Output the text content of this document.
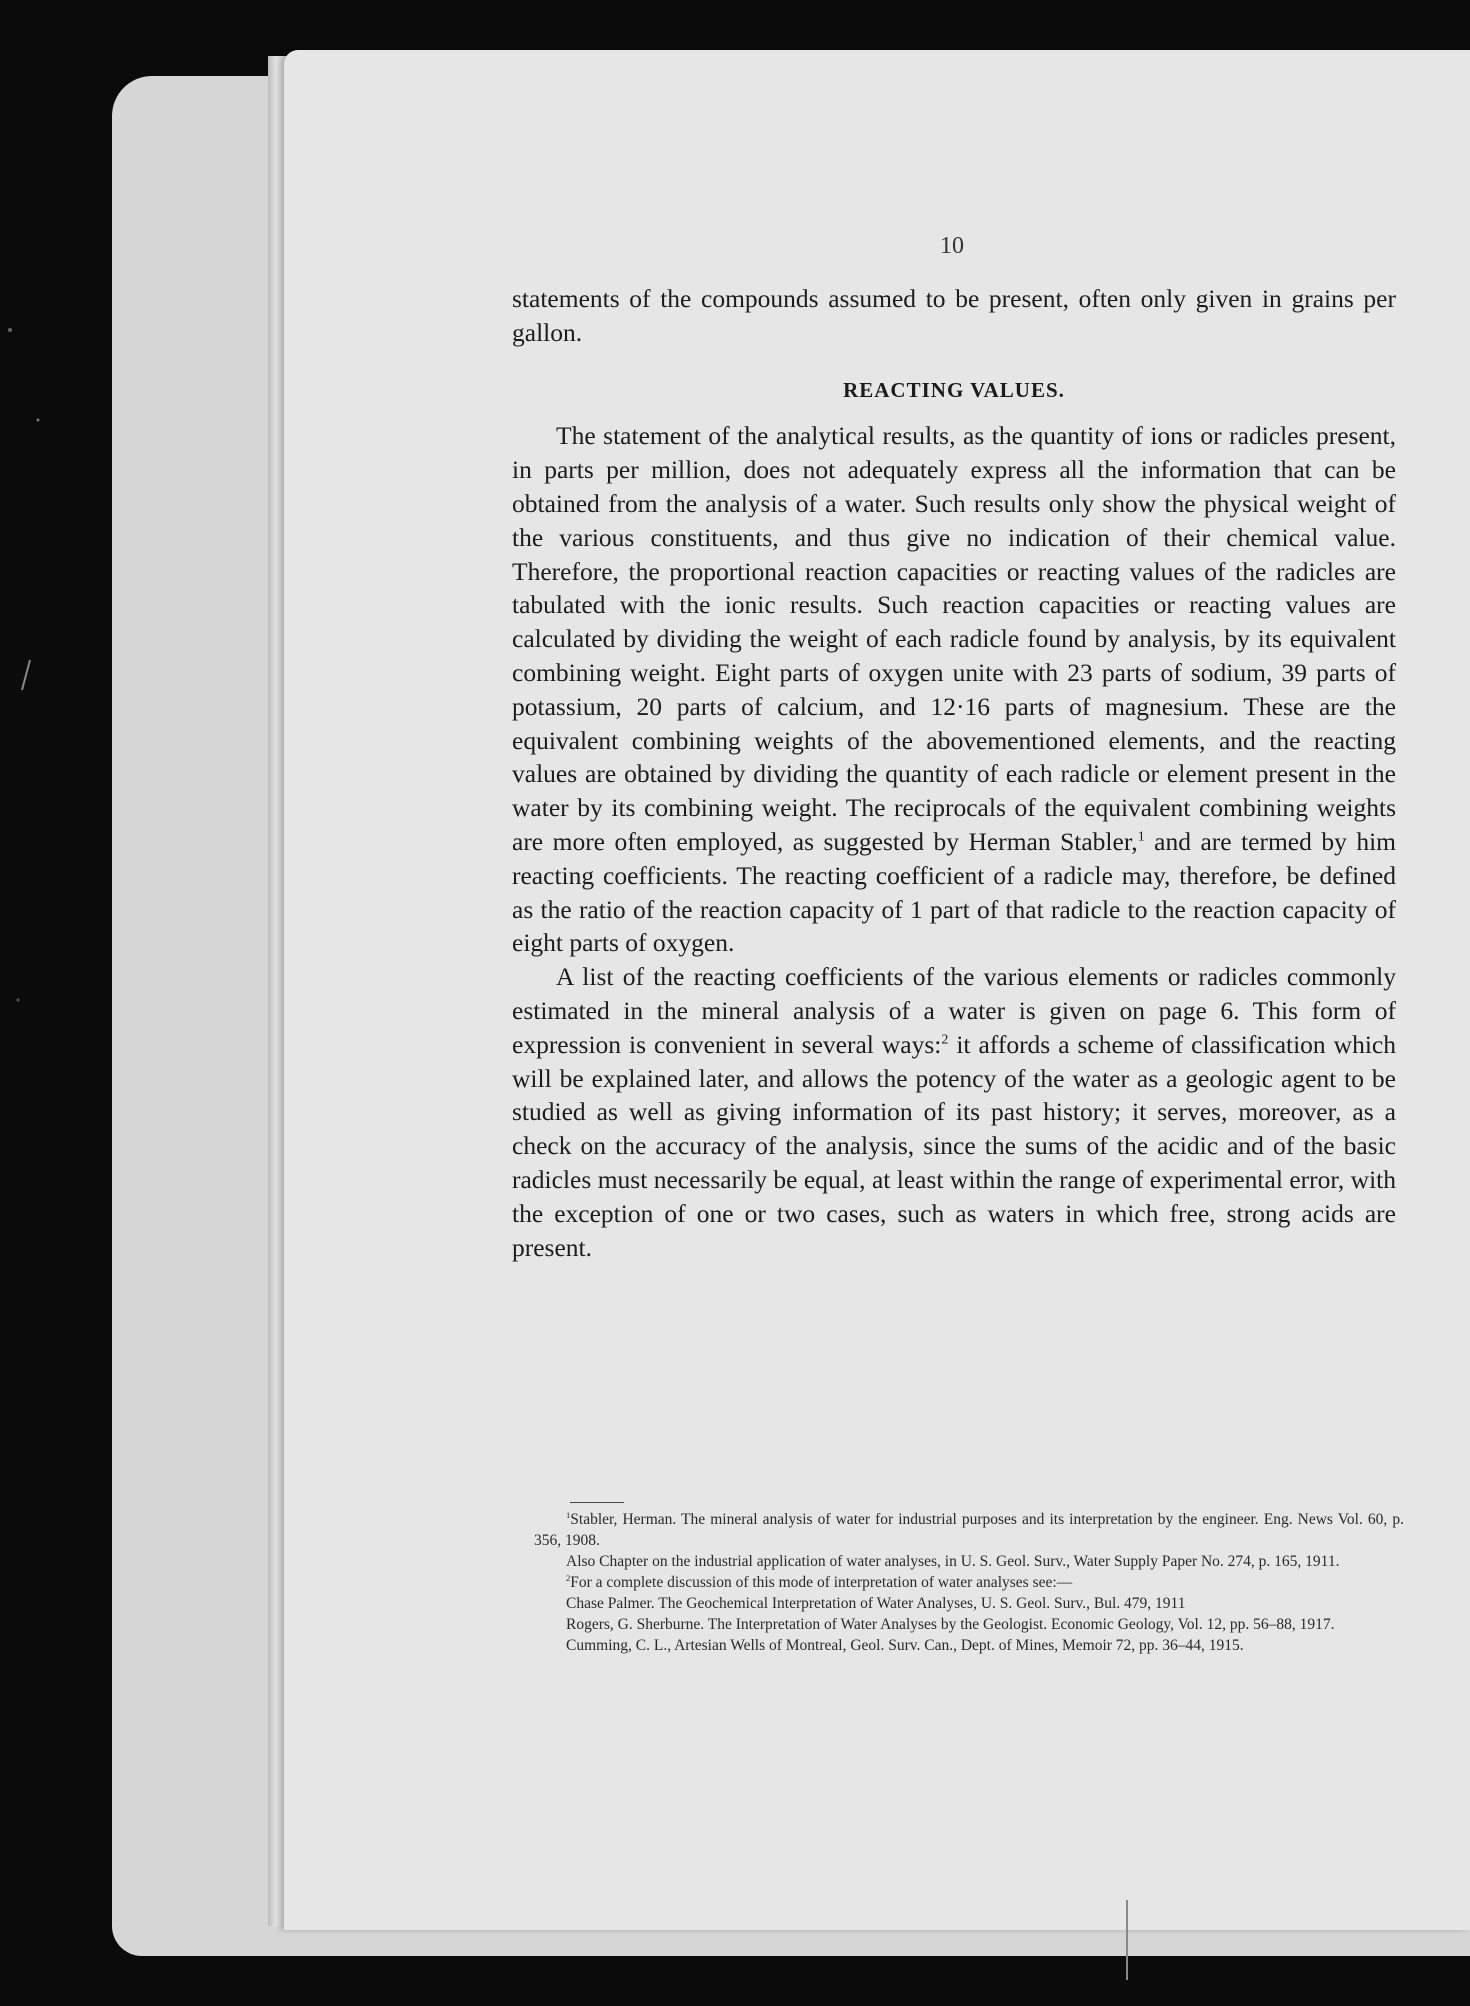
10

statements of the compounds assumed to be present, often only given in grains per gallon.

REACTING VALUES.

The statement of the analytical results, as the quantity of ions or radicles present, in parts per million, does not adequately express all the information that can be obtained from the analysis of a water. Such results only show the physical weight of the various constituents, and thus give no indication of their chemical value. Therefore, the proportional reaction capacities or reacting values of the radicles are tabulated with the ionic results. Such reaction capacities or reacting values are calculated by dividing the weight of each radicle found by analysis, by its equivalent combining weight. Eight parts of oxygen unite with 23 parts of sodium, 39 parts of potassium, 20 parts of calcium, and 12·16 parts of magnesium. These are the equivalent combining weights of the abovementioned elements, and the reacting values are obtained by dividing the quantity of each radicle or element present in the water by its combining weight. The reciprocals of the equivalent combining weights are more often employed, as suggested by Herman Stabler,$^1$ and are termed by him reacting coefficients. The reacting coefficient of a radicle may, therefore, be defined as the ratio of the reaction capacity of 1 part of that radicle to the reaction capacity of eight parts of oxygen.

A list of the reacting coefficients of the various elements or radicles commonly estimated in the mineral analysis of a water is given on page 6. This form of expression is convenient in several ways:$^2$ it affords a scheme of classification which will be explained later, and allows the potency of the water as a geologic agent to be studied as well as giving information of its past history; it serves, moreover, as a check on the accuracy of the analysis, since the sums of the acidic and of the basic radicles must necessarily be equal, at least within the range of experimental error, with the exception of one or two cases, such as waters in which free, strong acids are present.

$^1$Stabler, Herman. The mineral analysis of water for industrial purposes and its interpretation by the engineer. Eng. News Vol. 60, p. 356, 1908.

Also Chapter on the industrial application of water analyses, in U. S. Geol. Surv., Water Supply Paper No. 274, p. 165, 1911.

$^2$For a complete discussion of this mode of interpretation of water analyses see:—

Chase Palmer. The Geochemical Interpretation of Water Analyses, U. S. Geol. Surv., Bul. 479, 1911

Rogers, G. Sherburne. The Interpretation of Water Analyses by the Geologist. Economic Geology, Vol. 12, pp. 56–88, 1917.

Cumming, C. L., Artesian Wells of Montreal, Geol. Surv. Can., Dept. of Mines, Memoir 72, pp. 36–44, 1915.
